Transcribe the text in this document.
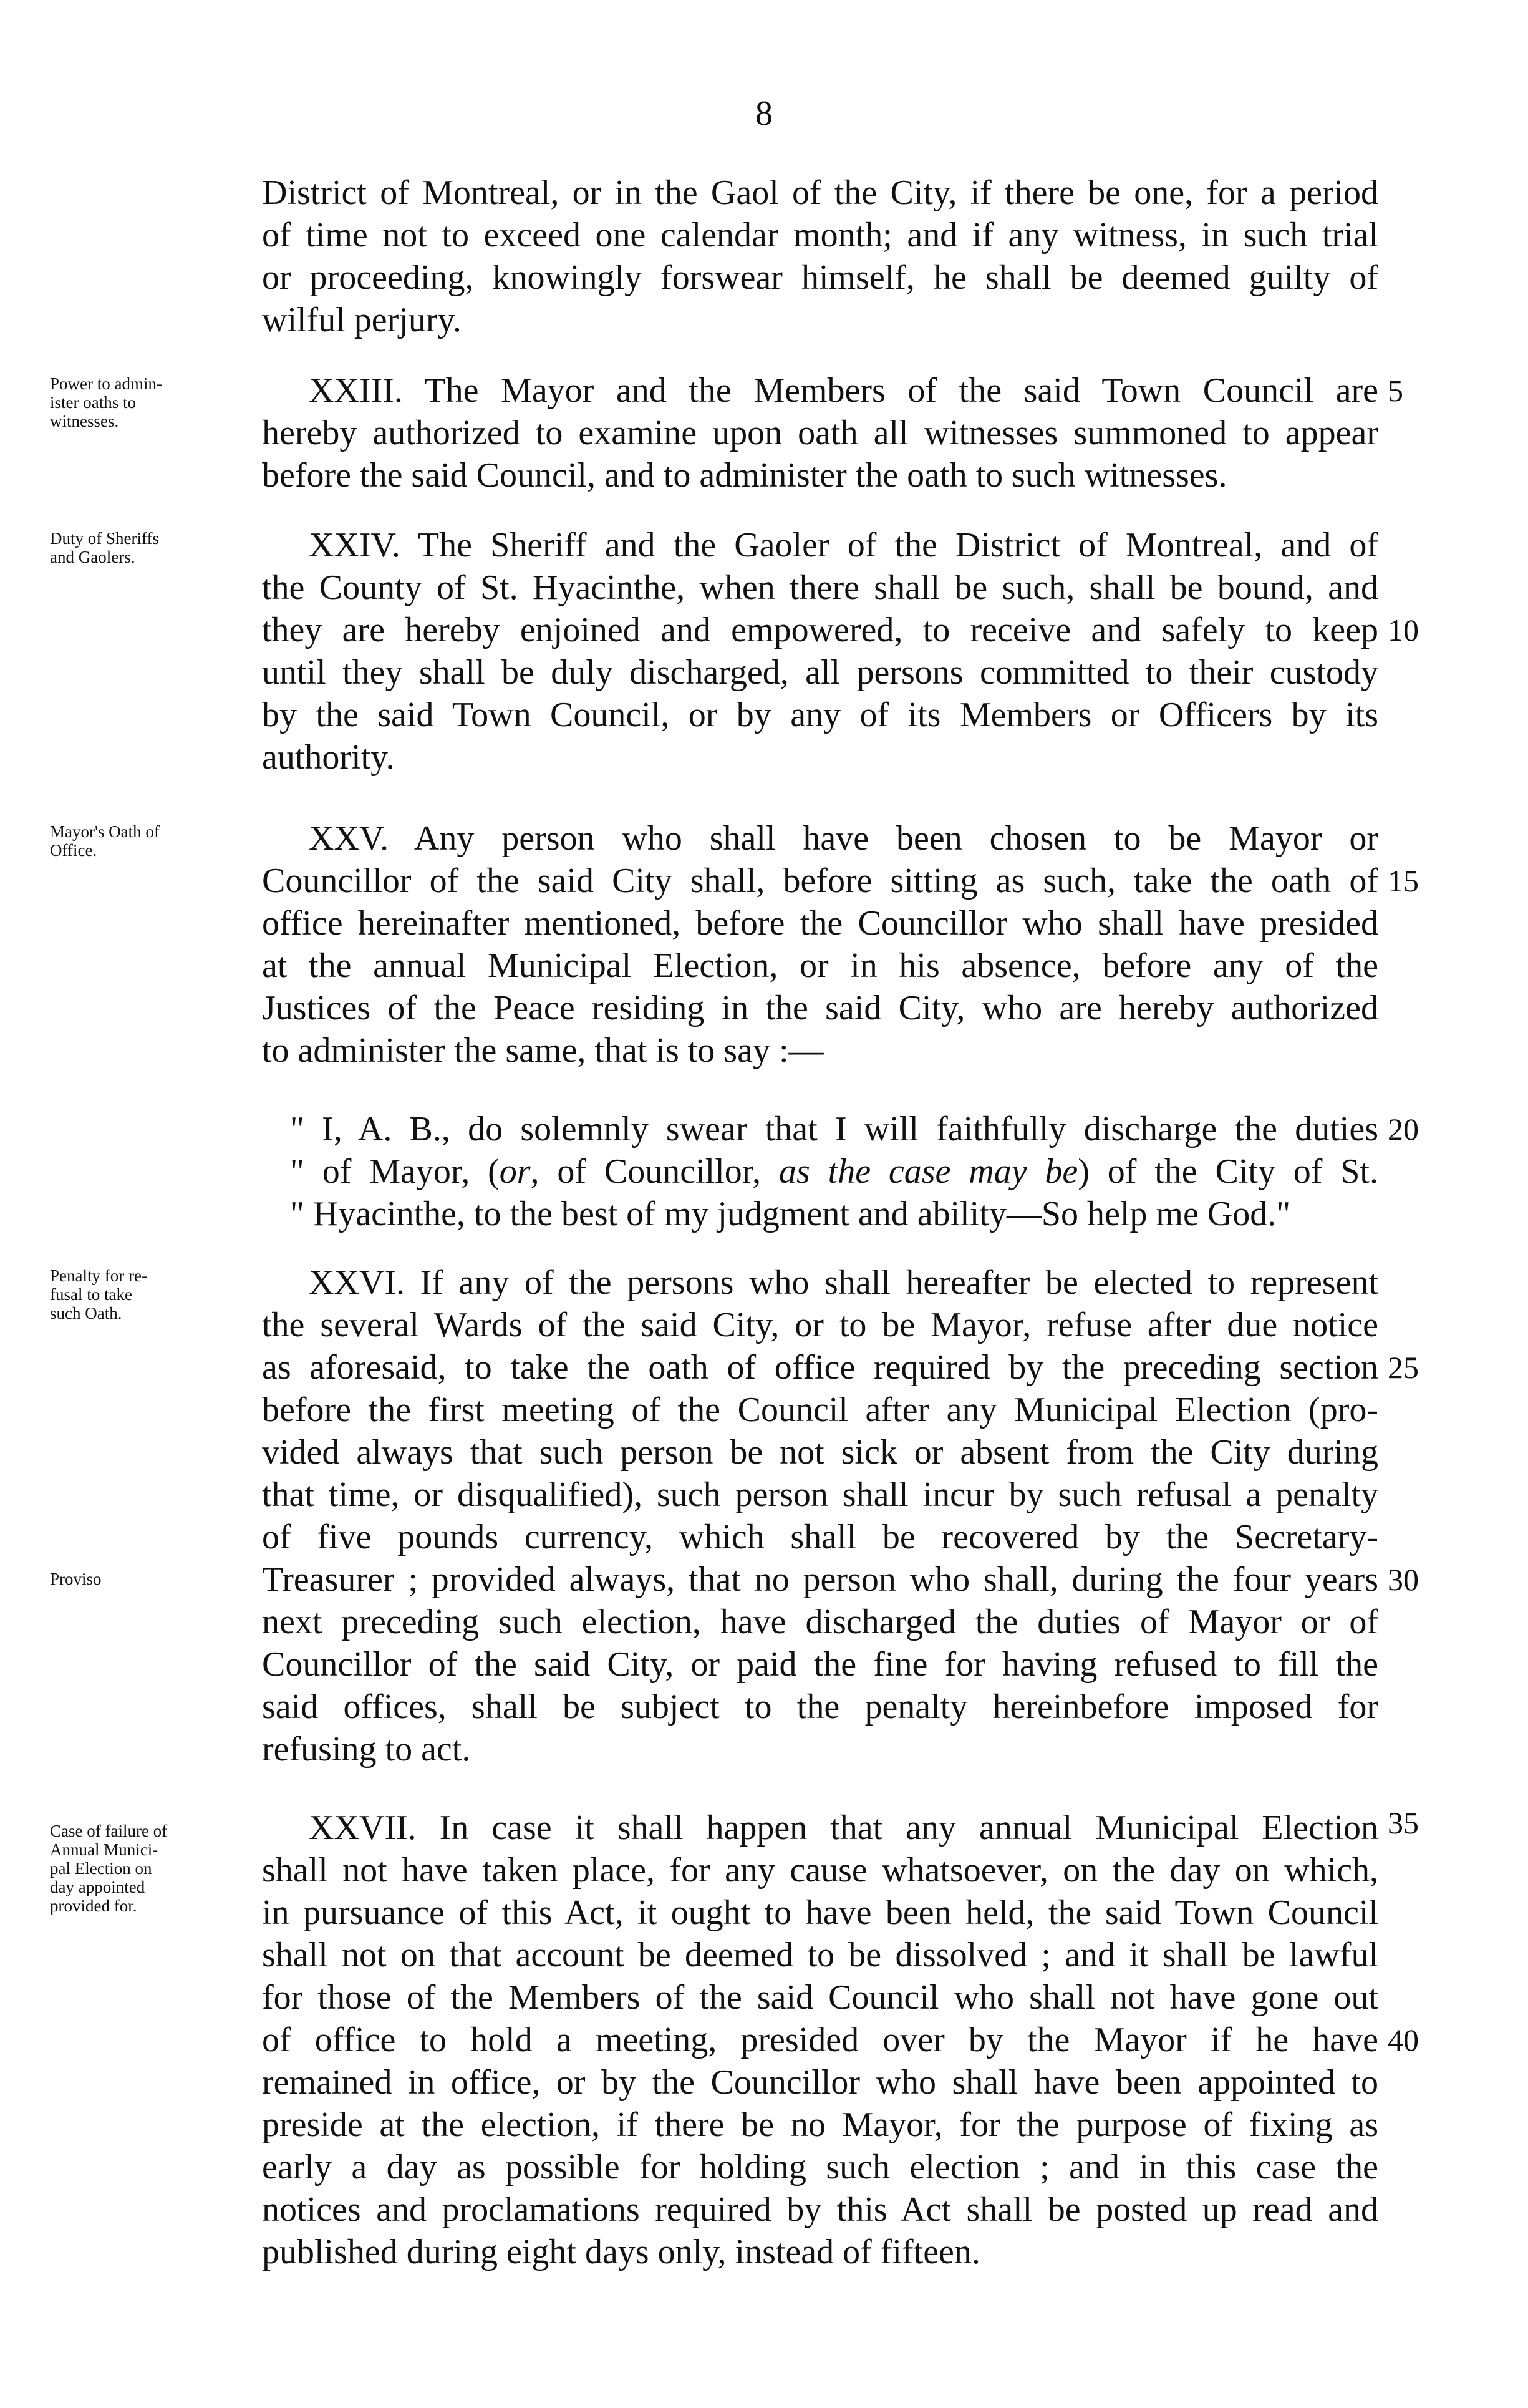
8
District of Montreal, or in the Gaol of the City, if there be one, for a period
of time not to exceed one calendar month; and if any witness, in such trial
or proceeding, knowingly forswear himself, he shall be deemed guilty of
wilful perjury.
Power to admin-
ister oaths to
witnesses.
XXIII. The Mayor and the Members of the said Town Council are
hereby authorized to examine upon oath all witnesses summoned to appear
before the said Council, and to administer the oath to such witnesses.
5
Duty of Sheriffs
and Gaolers.	XXIV. The Sheriff and the Gaoler of the District of Montreal, and of
the County of St. Hyacinthe, when there shall be such, shall be bound, and
they are hereby enjoined and empowered, to receive and safely to keep
until they shall be duly discharged, all persons committed to their custody
by the said Town Council, or by any of its Members or Officers by its
authority.
10
Mayor's Oath of
Office.	XXV. Any person who shall have been chosen to be Mayor or
Councillor of the said City shall, before sitting as such, take the oath of
office hereinafter mentioned, before the Councillor who shall have presided
at the annual Municipal Election, or in his absence, before any of the
Justices of the Peace residing in the said City, who are hereby authorized
to administer the same, that is to say :—
15
" I, A. B., do solemnly swear that I will faithfully discharge the duties
" of Mayor, (or, of Councillor, as the case may be) of the City of St.
" Hyacinthe, to the best of my judgment and ability—So help me God."
20
Penalty for re-
fusal to take
such Oath.
XXVI. If any of the persons who shall hereafter be elected to represent
the several Wards of the said City, or to be Mayor, refuse after due notice
as aforesaid, to take the oath of office required by the preceding section
before the first meeting of the Council after any Municipal Election (pro-
vided always that such person be not sick or absent from the City during
that time, or disqualified), such person shall incur by such refusal a penalty
of five pounds currency, which shall be recovered by the Secretary-
Treasurer ; provided always, that no person who shall, during the four years
next preceding such election, have discharged the duties of Mayor or of
Councillor of the said City, or paid the fine for having refused to fill the
said offices, shall be subject to the penalty hereinbefore imposed for
refusing to act.
Proviso
25
30
Case of failure of
Annual Munici-
pal Election on
day appointed
provided for.
XXVII. In case it shall happen that any annual Municipal Election
shall not have taken place, for any cause whatsoever, on the day on which,
in pursuance of this Act, it ought to have been held, the said Town Council
shall not on that account be deemed to be dissolved ; and it shall be lawful
for those of the Members of the said Council who shall not have gone out
of office to hold a meeting, presided over by the Mayor if he have
remained in office, or by the Councillor who shall have been appointed to
preside at the election, if there be no Mayor, for the purpose of fixing as
early a day as possible for holding such election ; and in this case the
notices and proclamations required by this Act shall be posted up read and
published during eight days only, instead of fifteen.
35
40
